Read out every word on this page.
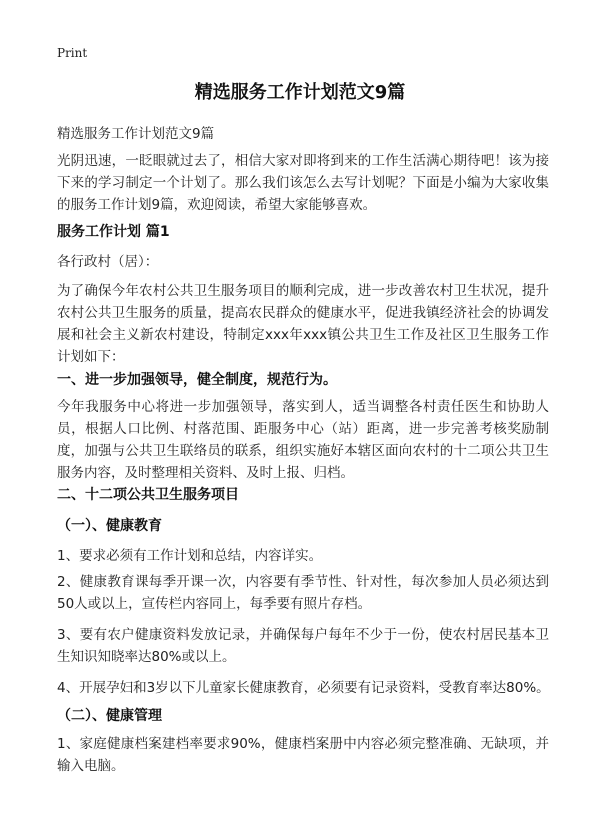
Print
精选服务工作计划范文9篇
精选服务工作计划范文9篇

光阴迅速，一眨眼就过去了，相信大家对即将到来的工作生活满心期待吧！该为接下来的学习制定一个计划了。那么我们该怎么去写计划呢？下面是小编为大家收集的服务工作计划9篇，欢迎阅读，希望大家能够喜欢。

服务工作计划 篇1
各行政村（居）：

为了确保今年农村公共卫生服务项目的顺利完成，进一步改善农村卫生状况，提升农村公共卫生服务的质量，提高农民群众的健康水平，促进我镇经济社会的协调发展和社会主义新农村建设，特制定xxx年xxx镇公共卫生工作及社区卫生服务工作计划如下：

一、进一步加强领导，健全制度，规范行为。

今年我服务中心将进一步加强领导，落实到人，适当调整各村责任医生和协助人员，根据人口比例、村落范围、距服务中心（站）距离，进一步完善考核奖励制度，加强与公共卫生联络员的联系，组织实施好本辖区面向农村的十二项公共卫生服务内容，及时整理相关资料、及时上报、归档。

二、十二项公共卫生服务项目
（一）、健康教育
1、要求必须有工作计划和总结，内容详实。

2、健康教育课每季开课一次，内容要有季节性、针对性，每次参加人员必须达到50人或以上，宣传栏内容同上，每季要有照片存档。

3、要有农户健康资料发放记录，并确保每户每年不少于一份，使农村居民基本卫生知识知晓率达80%或以上。

4、开展孕妇和3岁以下儿童家长健康教育，必须要有记录资料，受教育率达80%。
（二）、健康管理

1、家庭健康档案建档率要求90%，健康档案册中内容必须完整准确、无缺项，并输入电脑。
